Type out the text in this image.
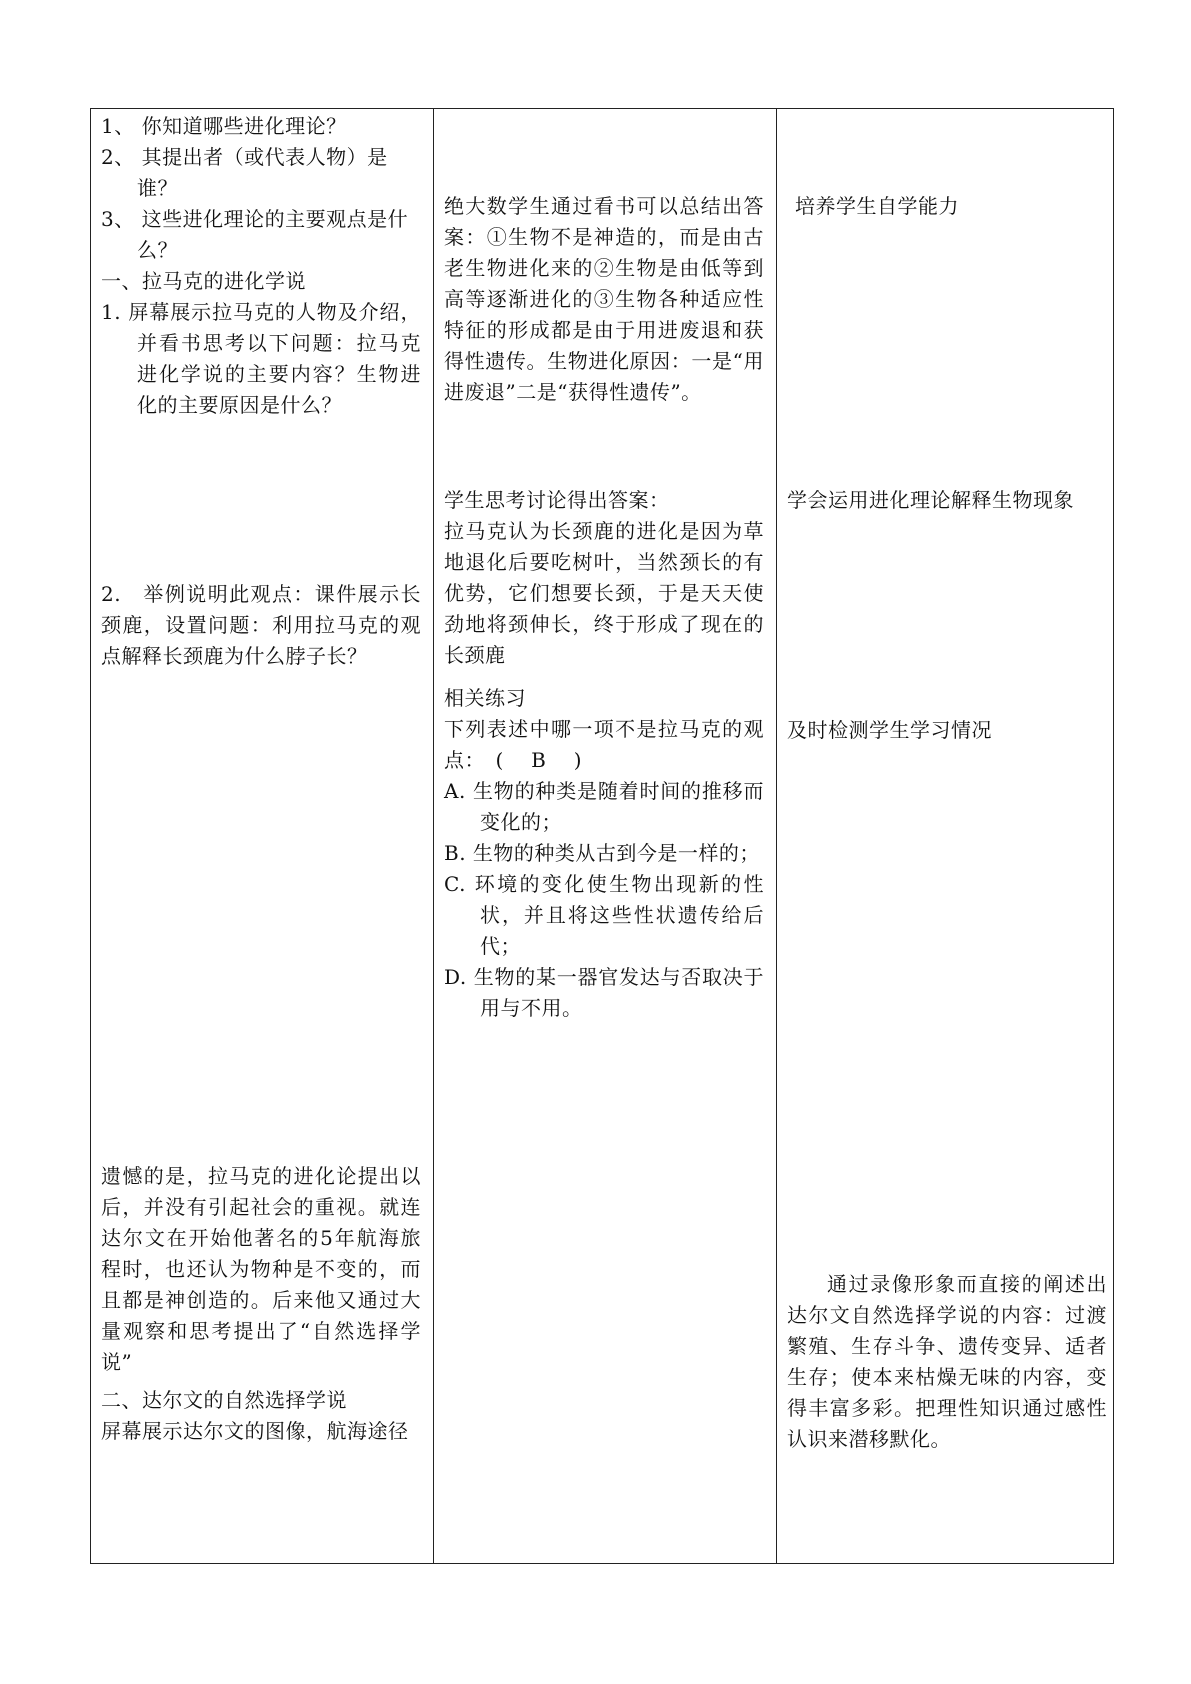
1、 你知道哪些进化理论？

2、 其提出者（或代表人物）是谁？

3、 这些进化理论的主要观点是什么？

一、拉马克的进化学说

1. 屏幕展示拉马克的人物及介绍，并看书思考以下问题：拉马克进化学说的主要内容？生物进化的主要原因是什么？

2.　举例说明此观点：课件展示长颈鹿，设置问题：利用拉马克的观点解释长颈鹿为什么脖子长？

遗憾的是，拉马克的进化论提出以后，并没有引起社会的重视。就连达尔文在开始他著名的5年航海旅程时，也还认为物种是不变的，而且都是神创造的。后来他又通过大量观察和思考提出了“自然选择学说”

二、达尔文的自然选择学说

屏幕展示达尔文的图像，航海途径

绝大数学生通过看书可以总结出答案：①生物不是神造的，而是由古老生物进化来的②生物是由低等到高等逐渐进化的③生物各种适应性特征的形成都是由于用进废退和获得性遗传。生物进化原因：一是“用进废退”二是“获得性遗传”。

学生思考讨论得出答案：

拉马克认为长颈鹿的进化是因为草地退化后要吃树叶，当然颈长的有优势，它们想要长颈，于是天天使劲地将颈伸长，终于形成了现在的长颈鹿

相关练习

下列表述中哪一项不是拉马克的观点：　(　 B　 )

A. 生物的种类是随着时间的推移而变化的；

B. 生物的种类从古到今是一样的；

C. 环境的变化使生物出现新的性状，并且将这些性状遗传给后代；

D. 生物的某一器官发达与否取决于用与不用。

培养学生自学能力

学会运用进化理论解释生物现象

及时检测学生学习情况

通过录像形象而直接的阐述出达尔文自然选择学说的内容：过渡繁殖、生存斗争、遗传变异、适者生存；使本来枯燥无味的内容，变得丰富多彩。把理性知识通过感性认识来潜移默化。
